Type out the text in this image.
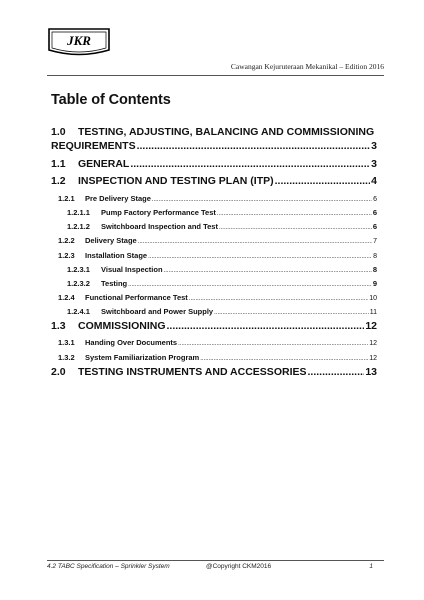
JKR
Cawangan Kejuruteraan Mekanikal – Edition 2016
Table of Contents
1.0 TESTING, ADJUSTING, BALANCING AND COMMISSIONING
REQUIREMENTS .....	3
1.1	GENERAL .....	3
1.2	INSPECTION AND TESTING PLAN (ITP) .....	4
1.2.1	Pre Delivery Stage .....	6
1.2.1.1	Pump Factory Performance Test .....	6
1.2.1.2	Switchboard Inspection and Test .....	6
1.2.2	Delivery Stage .....	7
1.2.3	Installation Stage .....	8
1.2.3.1	Visual Inspection .....	8
1.2.3.2	Testing .....	9
1.2.4	Functional Performance Test .....	10
1.2.4.1	Switchboard and Power Supply .....	11
1.3	COMMISSIONING .....	12
1.3.1	Handing Over Documents .....	12
1.3.2	System Familiarization Program .....	12
2.0	TESTING INSTRUMENTS AND ACCESSORIES .....	13
4.2 TABC Specification – Sprinkler System	@Copyright CKM2016	1
